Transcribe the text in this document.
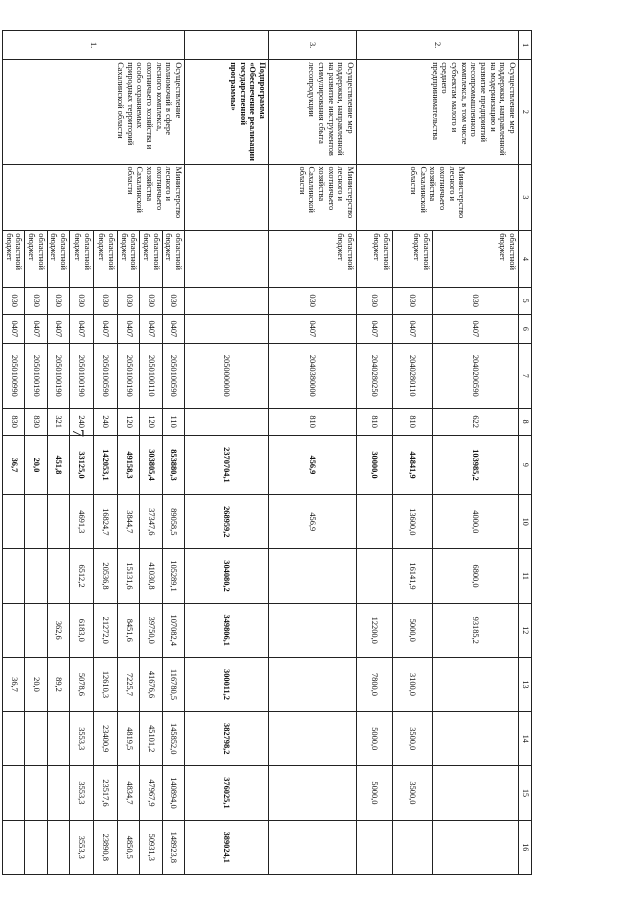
7
1	2	3	4	5	6	7	8	9	10	11	12	13	14	15	16
2.	Осуществление мер поддержки, направленной на модернизацию и развитие предприятий лесопромышленного комплекса, в том числе субъектам малого и среднего предпринимательства	Министерство лесного и охотничьего хозяйства Сахалинской области	областной бюджет	030	0407	2040200590	622	103985,2	4000,0	6800,0	93185,2				
			областной бюджет	030	0407	2040280110	810	44841,9	13600,0	16141,9	5000,0	3100,0	3500,0	3500,0	
			областной бюджет	030	0407	2040280250	810	30000,0			12200,0	7800,0	5000,0	5000,0	
3.	Осуществление мер поддержки, направленной на развитие инструментов стимулирования сбыта лесопродукции	Министерство лесного и охотничьего хозяйства Сахалинской области	областной бюджет	030	0407	2040380000	810	456,9	456,9						
	Подпрограмма «Обеспечение реализации государственной программы»					2050000000		2370704,1	268959,2	304080,2	349806,1	300011,2	382798,2	376025,1	389024,1
1.	Осуществление полномочий в сфере лесного комплекса, охотничьего хозяйства и особо охраняемых природных территорий Сахалинской области	Министерство лесного и охотничьего хозяйства Сахалинской области	областной бюджет	030	0407	2050100590	110	853880,3	89058,5	105289,1	107082,4	116780,5	145852,0	140894,0	148923,8
			областной бюджет	030	0407	2050100110	120	303805,4	37347,6	41030,8	39750,0	41676,6	45101,2	47967,9	50931,3
			областной бюджет	030	0407	2050100190	120	49158,3	3844,7	15131,6	8451,6	7225,7	4819,5	4834,7	4850,5
			областной бюджет	030	0407	2050100590	240	142053,1	16824,7	20536,8	21272,0	12610,3	23400,9	23517,6	23890,8
			областной бюджет	030	0407	2050100190	240	33125,0	4691,3	6512,2	6183,0	5078,6	3553,3	3553,3	3553,3
			областной бюджет	030	0407	2050100190	321	451,8			362,6	89,2			
			областной бюджет	030	0407	2050100190	830	20,0				20,0			
			областной бюджет	030	0407	2050100990	830	36,7				36,7			
